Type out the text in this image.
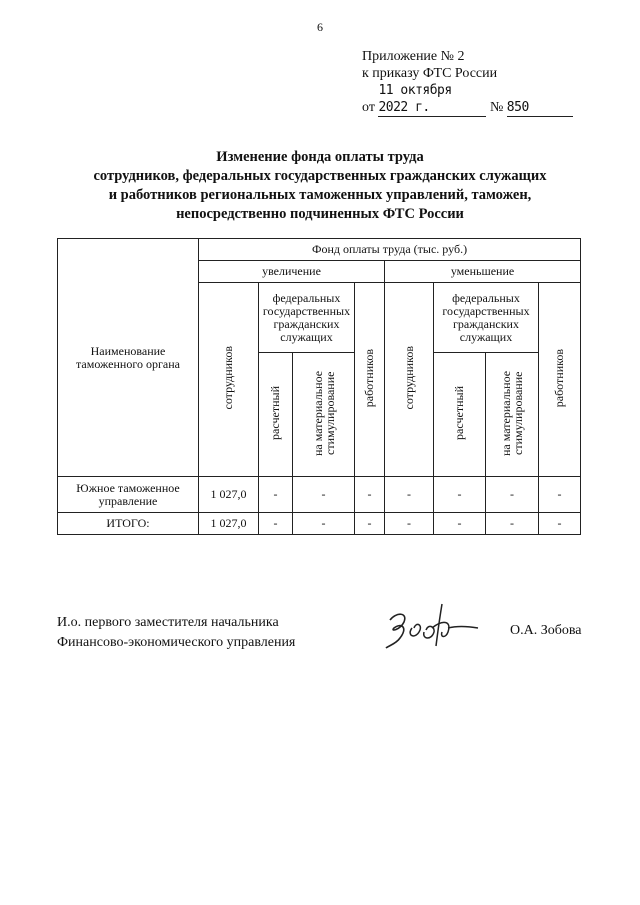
6
Приложение № 2
к приказу ФТС России
от 11 октября 2022 г.	№ 850
Изменение фонда оплаты труда
сотрудников, федеральных государственных гражданских служащих
и работников региональных таможенных управлений, таможен,
непосредственно подчиненных ФТС России
Наименование таможенного органа	Фонд оплаты труда (тыс. руб.)							
	увеличение				уменьшение			
	сотрудников	федеральных государственных гражданских служащих		работников	сотрудников	федеральных государственных гражданских служащих		работников
		расчетный	на материальное стимулирование			расчетный	на материальное стимулирование	
Южное таможенное управление	1 027,0	-	-	-	-	-	-	-
ИТОГО:	1 027,0	-	-	-	-	-	-	-
И.о. первого заместителя начальника
Финансово-экономического управления
О.А. Зобова
